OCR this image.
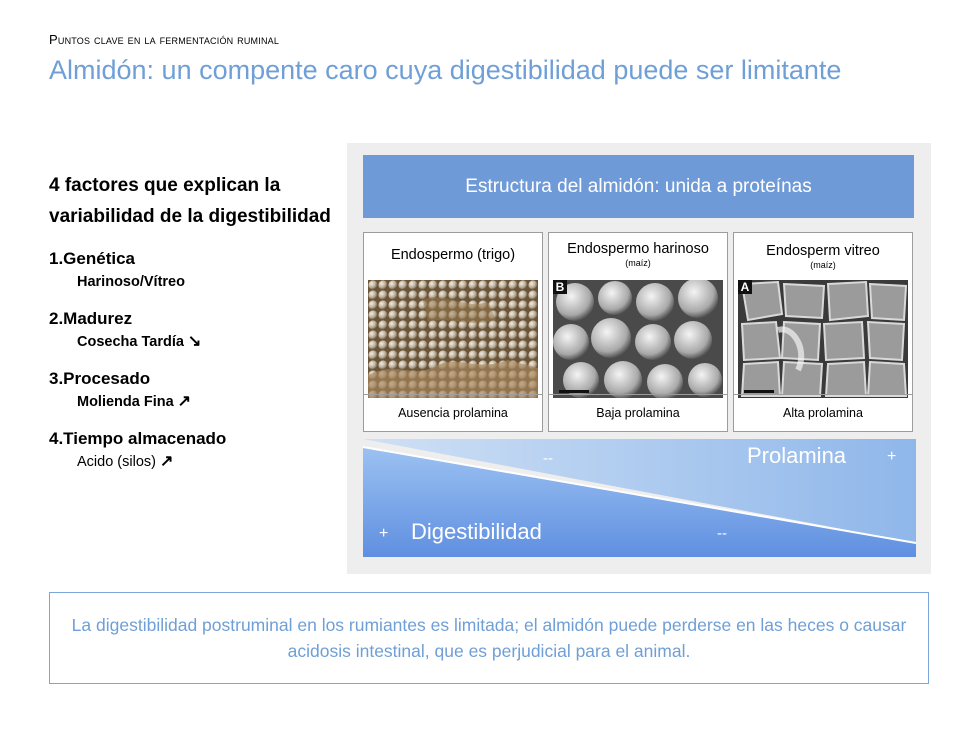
Puntos clave en la fermentación ruminal
Almidón: un compente caro cuya digestibilidad puede ser limitante
4 factores que explican la variabilidad de la digestibilidad
1.Genética
Harinoso/Vítreo
2.Madurez
Cosecha Tardía ↘
3.Procesado
Molienda Fina ↗
4.Tiempo almacenado
Acido (silos) ↗
Estructura del almidón: unida a proteínas
Endospermo (trigo)
Ausencia prolamina
Endospermo harinoso
(maíz)
B
Baja prolamina
Endosperm vitreo
(maíz)
A
Alta prolamina
--	Prolamina	+
+ Digestibilidad	--
La digestibilidad postruminal en los rumiantes es limitada; el almidón puede perderse en las heces o causar acidosis intestinal, que es perjudicial para el animal.
